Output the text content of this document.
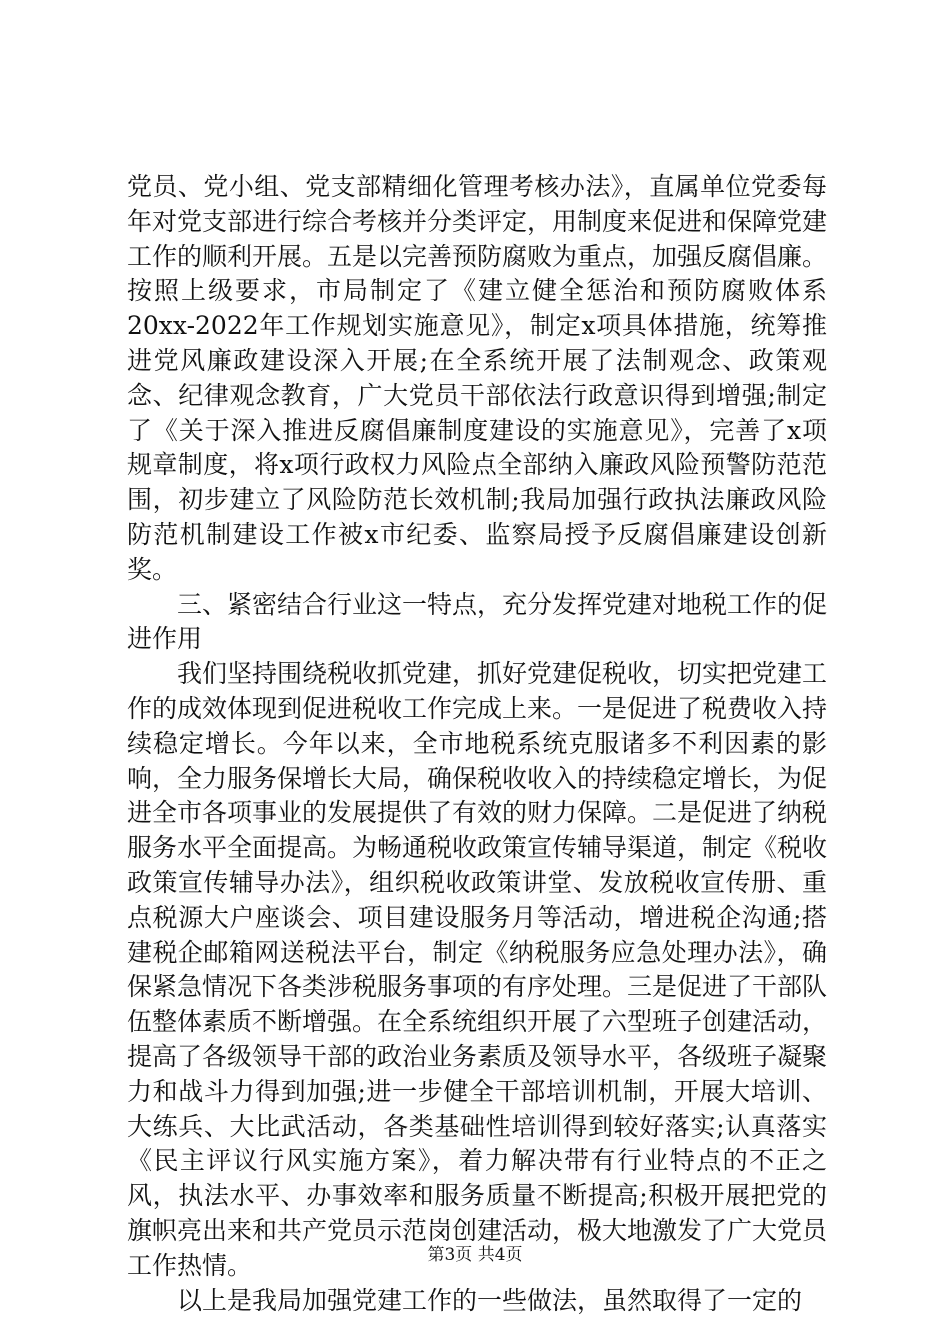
党员、党小组、党支部精细化管理考核办法》，直属单位党委每年对党支部进行综合考核并分类评定，用制度来促进和保障党建工作的顺利开展。五是以完善预防腐败为重点，加强反腐倡廉。按照上级要求，市局制定了《建立健全惩治和预防腐败体系20xx-2022年工作规划实施意见》，制定x项具体措施，统筹推进党风廉政建设深入开展;在全系统开展了法制观念、政策观念、纪律观念教育，广大党员干部依法行政意识得到增强;制定了《关于深入推进反腐倡廉制度建设的实施意见》，完善了x项规章制度，将x项行政权力风险点全部纳入廉政风险预警防范范围，初步建立了风险防范长效机制;我局加强行政执法廉政风险防范机制建设工作被x市纪委、监察局授予反腐倡廉建设创新奖。

三、紧密结合行业这一特点，充分发挥党建对地税工作的促进作用

我们坚持围绕税收抓党建，抓好党建促税收，切实把党建工作的成效体现到促进税收工作完成上来。一是促进了税费收入持续稳定增长。今年以来，全市地税系统克服诸多不利因素的影响，全力服务保增长大局，确保税收收入的持续稳定增长，为促进全市各项事业的发展提供了有效的财力保障。二是促进了纳税服务水平全面提高。为畅通税收政策宣传辅导渠道，制定《税收政策宣传辅导办法》，组织税收政策讲堂、发放税收宣传册、重点税源大户座谈会、项目建设服务月等活动，增进税企沟通;搭建税企邮箱网送税法平台，制定《纳税服务应急处理办法》，确保紧急情况下各类涉税服务事项的有序处理。三是促进了干部队伍整体素质不断增强。在全系统组织开展了六型班子创建活动，提高了各级领导干部的政治业务素质及领导水平，各级班子凝聚力和战斗力得到加强;进一步健全干部培训机制，开展大培训、大练兵、大比武活动，各类基础性培训得到较好落实;认真落实《民主评议行风实施方案》，着力解决带有行业特点的不正之风，执法水平、办事效率和服务质量不断提高;积极开展把党的旗帜亮出来和共产党员示范岗创建活动，极大地激发了广大党员工作热情。

以上是我局加强党建工作的一些做法，虽然取得了一定的

第3页 共4页
